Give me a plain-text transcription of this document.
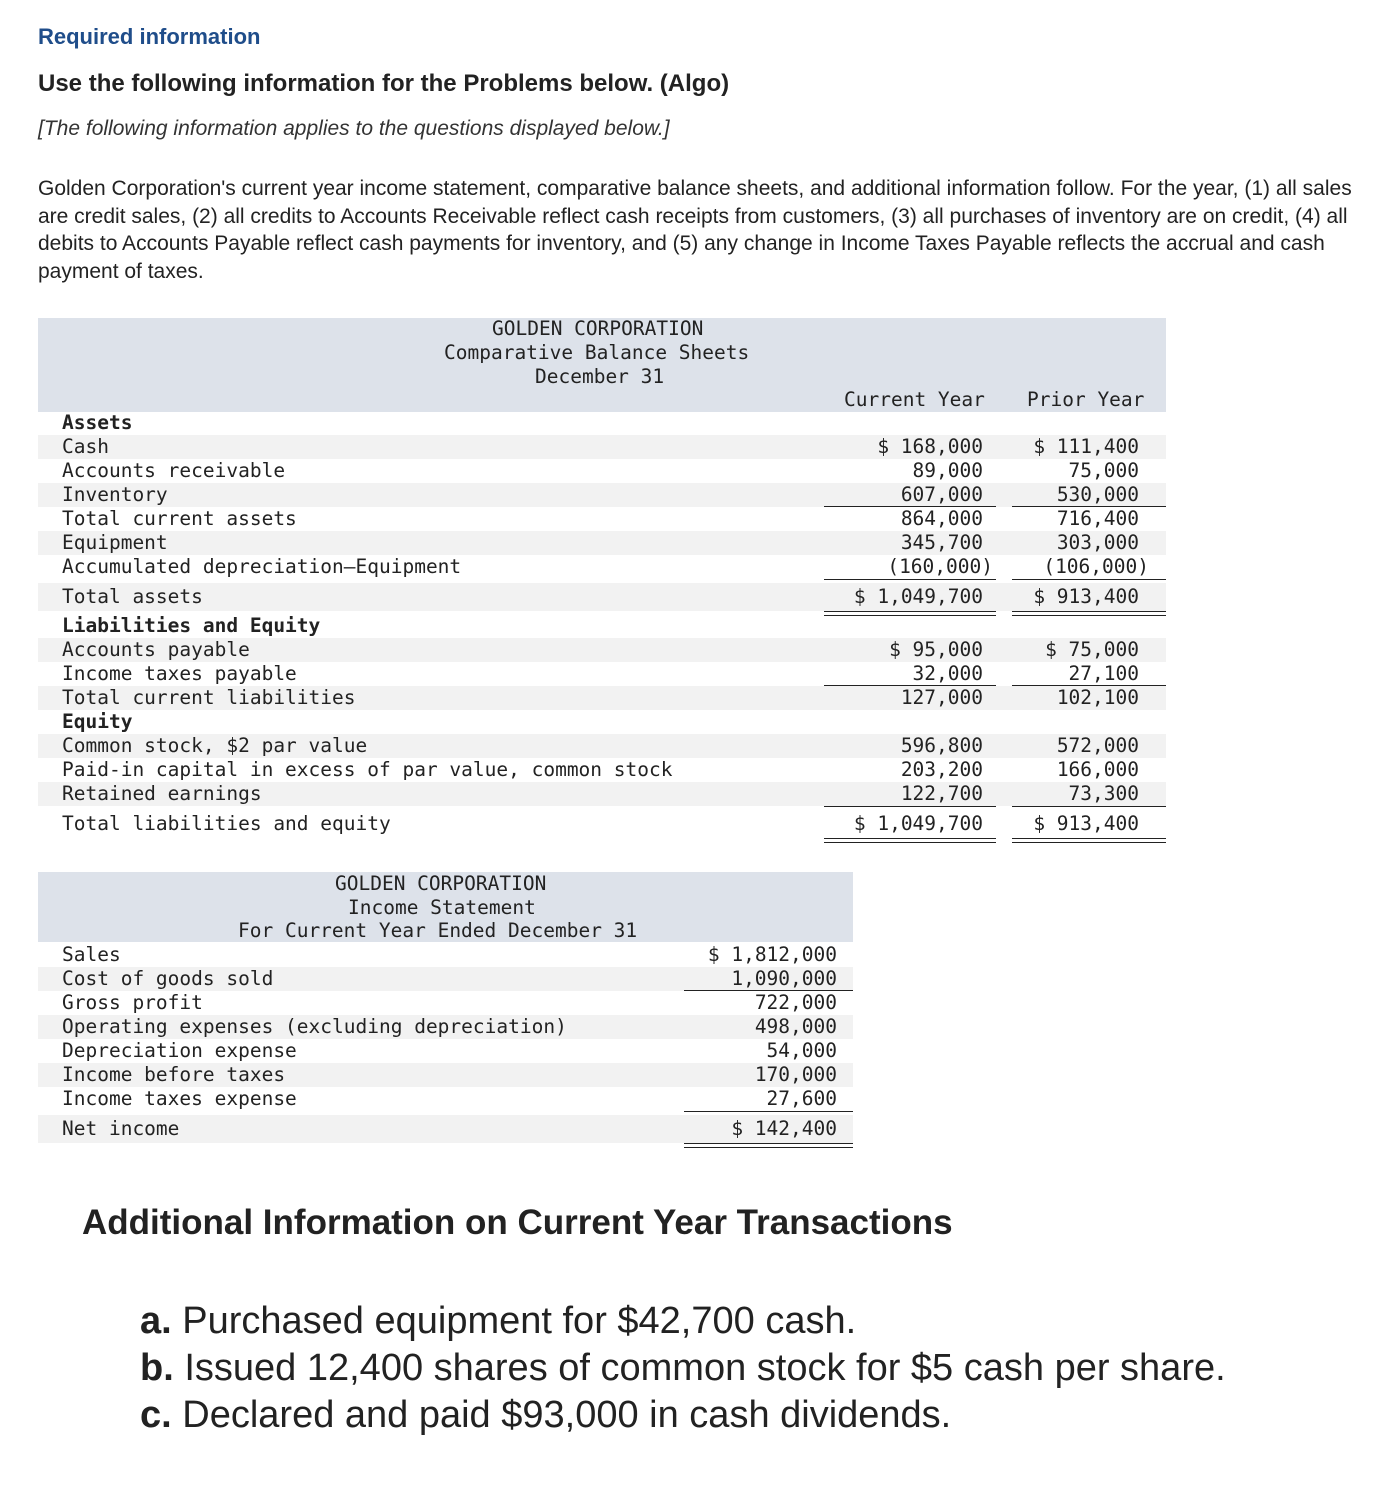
Required information
Use the following information for the Problems below. (Algo)
[The following information applies to the questions displayed below.]

Golden Corporation's current year income statement, comparative balance sheets, and additional information follow. For the year, (1) all sales are credit sales, (2) all credits to Accounts Receivable reflect cash receipts from customers, (3) all purchases of inventory are on credit, (4) all debits to Accounts Payable reflect cash payments for inventory, and (5) any change in Income Taxes Payable reflects the accrual and cash payment of taxes.

GOLDEN CORPORATION
Comparative Balance Sheets
December 31
Current Year Prior Year
Assets
Cash	$ 168,000	$ 111,400
Accounts receivable	89,000	75,000
Inventory	607,000	530,000
Total current assets	864,000	716,400
Equipment	345,700	303,000
Accumulated depreciation—Equipment	(160,000)	(106,000)
Total assets	$ 1,049,700	$ 913,400
Liabilities and Equity
Accounts payable	$ 95,000	$ 75,000
Income taxes payable	32,000	27,100
Total current liabilities	127,000	102,100
Equity
Common stock, $2 par value	596,800	572,000
Paid-in capital in excess of par value, common stock	203,200	166,000
Retained earnings	122,700	73,300
Total liabilities and equity	$ 1,049,700	$ 913,400
GOLDEN CORPORATION
Income Statement
For Current Year Ended December 31
Sales	$ 1,812,000
Cost of goods sold	1,090,000
Gross profit	722,000
Operating expenses (excluding depreciation)	498,000
Depreciation expense	54,000
Income before taxes	170,000
Income taxes expense	27,600
Net income	$ 142,400
Additional Information on Current Year Transactions
a. Purchased equipment for $42,700 cash.
b. Issued 12,400 shares of common stock for $5 cash per share.
c. Declared and paid $93,000 in cash dividends.
